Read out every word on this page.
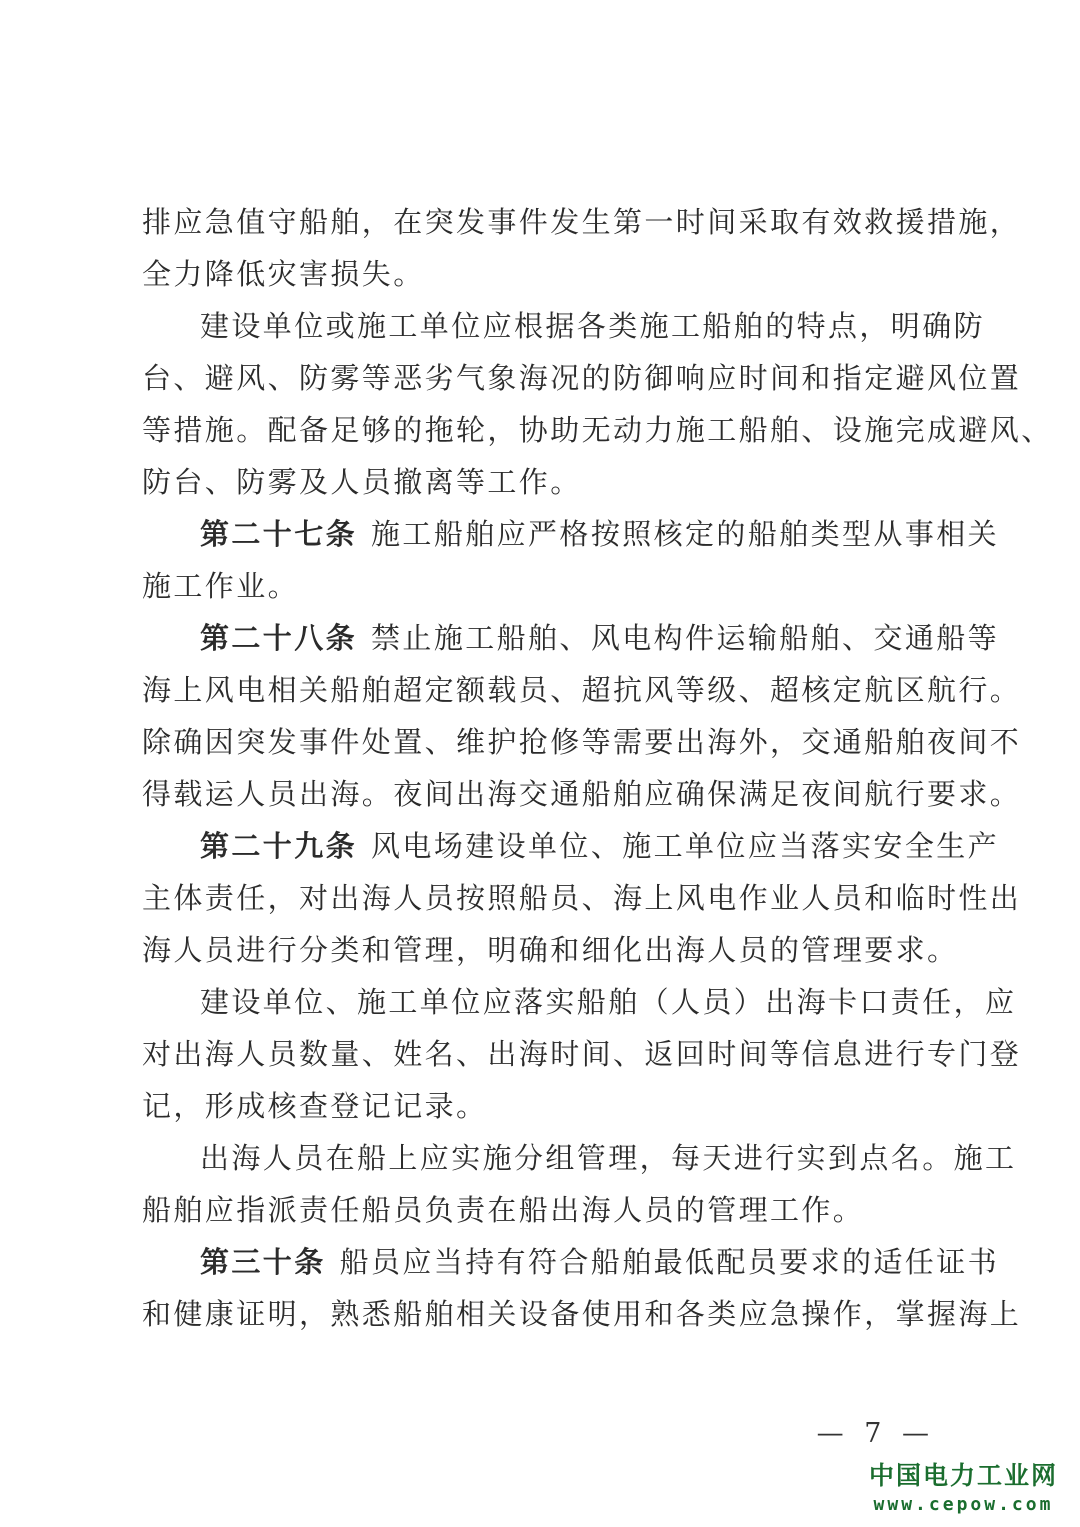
排应急值守船舶，在突发事件发生第一时间采取有效救援措施，
全力降低灾害损失。
建设单位或施工单位应根据各类施工船舶的特点，明确防
台、避风、防雾等恶劣气象海况的防御响应时间和指定避风位置
等措施。配备足够的拖轮，协助无动力施工船舶、设施完成避风、
防台、防雾及人员撤离等工作。
第二十七条 施工船舶应严格按照核定的船舶类型从事相关
施工作业。
第二十八条 禁止施工船舶、风电构件运输船舶、交通船等
海上风电相关船舶超定额载员、超抗风等级、超核定航区航行。
除确因突发事件处置、维护抢修等需要出海外，交通船舶夜间不
得载运人员出海。夜间出海交通船舶应确保满足夜间航行要求。
第二十九条 风电场建设单位、施工单位应当落实安全生产
主体责任，对出海人员按照船员、海上风电作业人员和临时性出
海人员进行分类和管理，明确和细化出海人员的管理要求。
建设单位、施工单位应落实船舶（人员）出海卡口责任，应
对出海人员数量、姓名、出海时间、返回时间等信息进行专门登
记，形成核查登记记录。
出海人员在船上应实施分组管理，每天进行实到点名。施工
船舶应指派责任船员负责在船出海人员的管理工作。
第三十条 船员应当持有符合船舶最低配员要求的适任证书
和健康证明，熟悉船舶相关设备使用和各类应急操作，掌握海上
— 7 —
中国电力工业网
www.cepow.com
